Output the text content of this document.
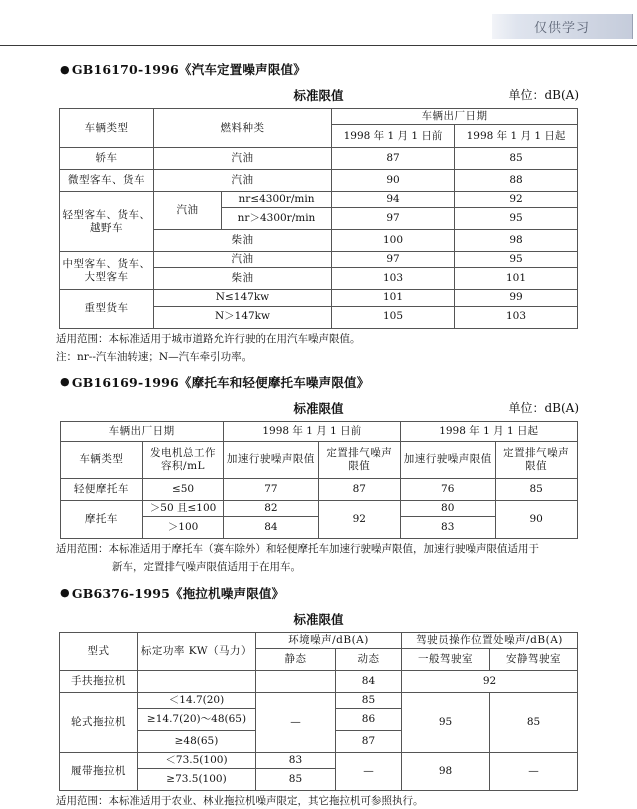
仅供学习
● GB16170-1996《汽车定置噪声限值》
标准限值	单位：dB(A)
车辆类型	燃料种类		车辆出厂日期	
			1998 年 1 月 1 日前	1998 年 1 月 1 日起
轿车	汽油		87	85
微型客车、货车	汽油		90	88
轻型客车、货车、越野车	汽油	nr≤4300r/min	94	92
		nr＞4300r/min	97	95
	柴油		100	98
中型客车、货车、大型客车	汽油		97	95
	柴油		103	101
重型货车	N≤147kw		101	99
	N＞147kw		105	103

适用范围：本标准适用于城市道路允许行驶的在用汽车噪声限值。

注：nr--汽车油转速；N—汽车牵引功率。

● GB16169-1996《摩托车和轻便摩托车噪声限值》
标准限值	单位：dB(A)
车辆出厂日期		1998 年 1 月 1 日前		1998 年 1 月 1 日起	
车辆类型	发电机总工作容积/mL	加速行驶噪声限值	定置排气噪声限值	加速行驶噪声限值	定置排气噪声限值
轻便摩托车	≤50	77	87	76	85
摩托车	＞50 且≤100	82	92	80	90
	＞100	84		83	

适用范围：本标准适用于摩托车（赛车除外）和轻便摩托车加速行驶噪声限值，加速行驶噪声限值适用于

新车，定置排气噪声限值适用于在用车。

● GB6376-1995《拖拉机噪声限值》
标准限值
型式	标定功率 KW（马力）	环境噪声/dB(A)		驾驶员操作位置处噪声/dB(A)	
		静态	动态	一般驾驶室	安静驾驶室
手扶拖拉机			84	92	
轮式拖拉机	＜14.7(20)	—	85	95	85
	≥14.7(20)～48(65)		86		
	≥48(65)		87		
履带拖拉机	＜73.5(100)	83	—	98	—
	≥73.5(100)	85			

适用范围：本标准适用于农业、林业拖拉机噪声限定，其它拖拉机可参照执行。
